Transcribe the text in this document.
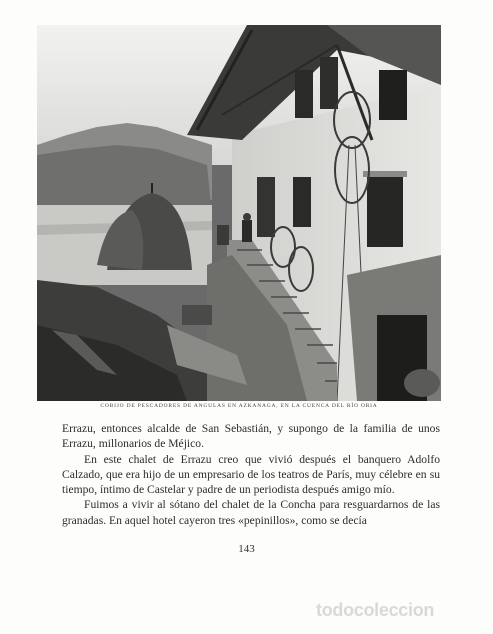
COBIJO DE PESCADORES DE ANGULAS EN AZKANAGA, EN LA CUENCA DEL RÍO ORIA

Errazu, entonces alcalde de San Sebastián, y supongo de la familia de unos Errazu, millonarios de Méjico.

En este chalet de Errazu creo que vivió después el banquero Adolfo Calzado, que era hijo de un empresario de los teatros de París, muy célebre en su tiempo, íntimo de Castelar y padre de un periodista después amigo mío.

Fuimos a vivir al sótano del chalet de la Concha para resguardarnos de las granadas. En aquel hotel cayeron tres «pepinillos», como se decía

143
todocoleccion
